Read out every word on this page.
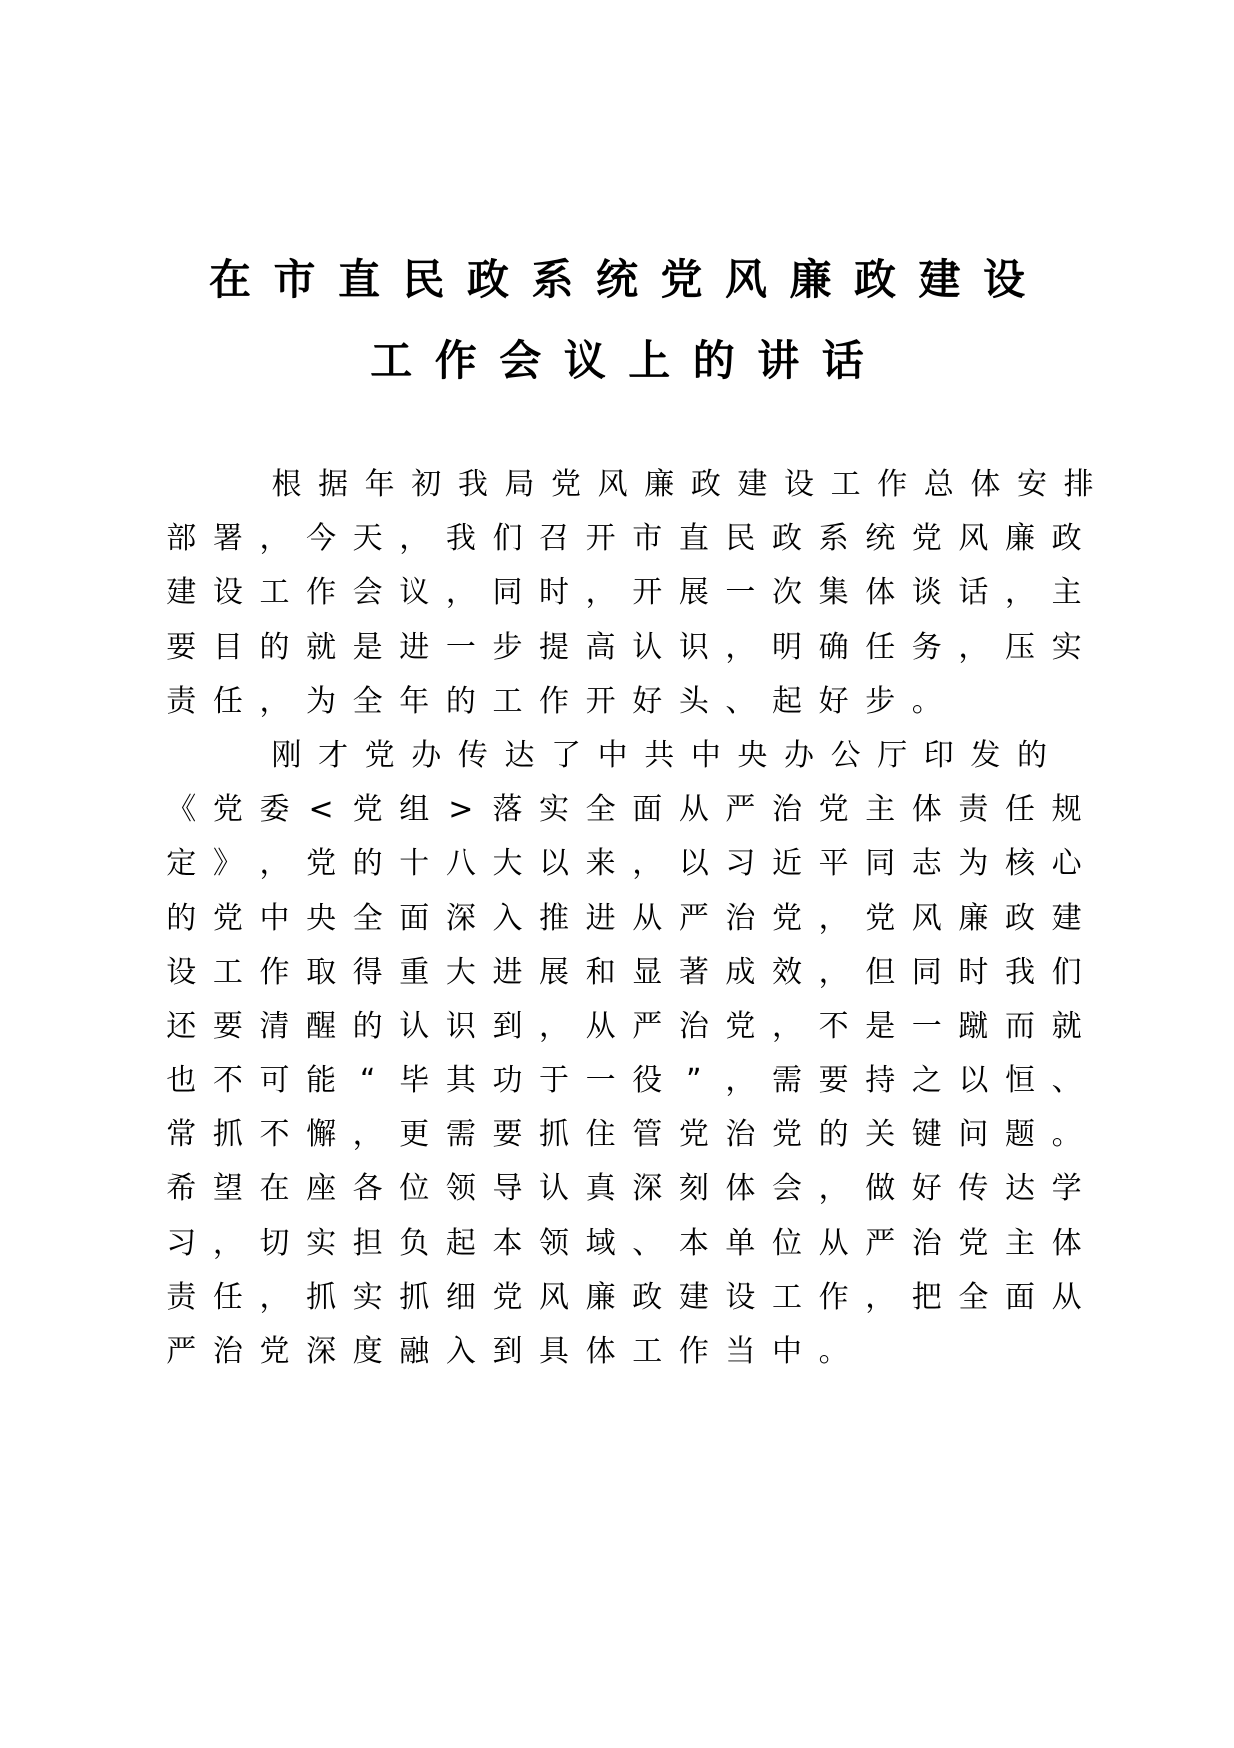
在 市 直 民 政 系 统 党 风 廉 政 建 设
工 作 会 议 上 的 讲 话
根 据 年 初 我 局 党 风 廉 政 建 设 工 作 总 体 安 排
部 署 ， 今 天 ， 我 们 召 开 市 直 民 政 系 统 党 风 廉 政
建 设 工 作 会 议 ， 同 时 ， 开 展 一 次 集 体 谈 话 ， 主
要 目 的 就 是 进 一 步 提 高 认 识 ， 明 确 任 务 ， 压 实
责 任 ， 为 全 年 的 工 作 开 好 头 、 起 好 步 。
刚 才 党 办 传 达 了 中 共 中 央 办 公 厅 印 发 的
《 党 委 < 党 组 > 落 实 全 面 从 严 治 党 主 体 责 任 规
定 》 ， 党 的 十 八 大 以 来 ， 以 习 近 平 同 志 为 核 心
的 党 中 央 全 面 深 入 推 进 从 严 治 党 ， 党 风 廉 政 建
设 工 作 取 得 重 大 进 展 和 显 著 成 效 ， 但 同 时 我 们
还 要 清 醒 的 认 识 到 ， 从 严 治 党 ， 不 是 一 蹴 而 就
也 不 可 能 “ 毕 其 功 于 一 役 ” ， 需 要 持 之 以 恒 、
常 抓 不 懈 ， 更 需 要 抓 住 管 党 治 党 的 关 键 问 题 。
希 望 在 座 各 位 领 导 认 真 深 刻 体 会 ， 做 好 传 达 学
习 ， 切 实 担 负 起 本 领 域 、 本 单 位 从 严 治 党 主 体
责 任 ， 抓 实 抓 细 党 风 廉 政 建 设 工 作 ， 把 全 面 从
严 治 党 深 度 融 入 到 具 体 工 作 当 中 。
